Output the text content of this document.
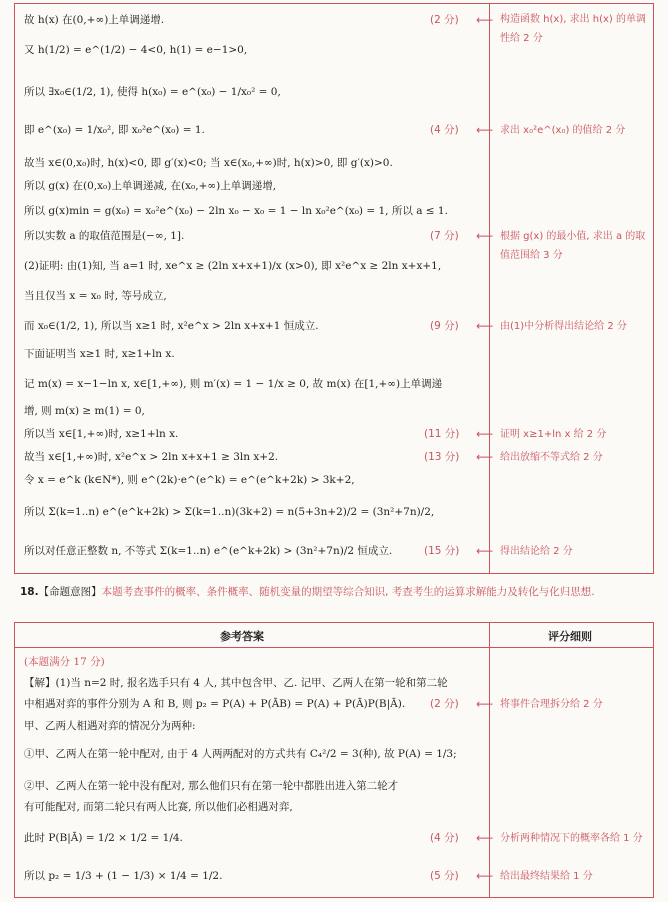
故 h(x) 在(0,+∞)上单调递增.
又 h(1/2) = e^(1/2) − 4<0, h(1) = e−1>0,
所以 ∃x₀∈(1/2, 1), 使得 h(x₀) = e^(x₀) − 1/x₀² = 0,
即 e^(x₀) = 1/x₀², 即 x₀²e^(x₀) = 1.
故当 x∈(0,x₀)时, h(x)<0, 即 g′(x)<0; 当 x∈(x₀,+∞)时, h(x)>0, 即 g′(x)>0.
所以 g(x) 在(0,x₀)上单调递减, 在(x₀,+∞)上单调递增,
所以 g(x)min = g(x₀) = x₀²e^(x₀) − 2ln x₀ − x₀ = 1 − ln x₀²e^(x₀) = 1, 所以 a ≤ 1.
所以实数 a 的取值范围是(−∞, 1].
(2)证明: 由(1)知, 当 a=1 时, xe^x ≥ (2ln x+x+1)/x (x>0), 即 x²e^x ≥ 2ln x+x+1,
当且仅当 x = x₀ 时, 等号成立,
而 x₀∈(1/2, 1), 所以当 x≥1 时, x²e^x > 2ln x+x+1 恒成立.
下面证明当 x≥1 时, x≥1+ln x.
记 m(x) = x−1−ln x, x∈[1,+∞), 则 m′(x) = 1 − 1/x ≥ 0, 故 m(x) 在[1,+∞)上单调递
增, 则 m(x) ≥ m(1) = 0,
所以当 x∈[1,+∞)时, x≥1+ln x.
故当 x∈[1,+∞)时, x²e^x > 2ln x+x+1 ≥ 3ln x+2.
令 x = e^k (k∈N*), 则 e^(2k)·e^(e^k) = e^(e^k+2k) > 3k+2,
所以 Σ(k=1..n) e^(e^k+2k) > Σ(k=1..n)(3k+2) = n(5+3n+2)/2 = (3n²+7n)/2,
所以对任意正整数 n, 不等式 Σ(k=1..n) e^(e^k+2k) > (3n²+7n)/2 恒成立.
(2 分) ⟵
(4 分) ⟵
(7 分) ⟵
(9 分) ⟵
(11 分) ⟵
(13 分) ⟵
(15 分) ⟵
构造函数 h(x), 求出 h(x) 的单调性给 2 分
求出 x₀²e^(x₀) 的值给 2 分
根据 g(x) 的最小值, 求出 a 的取值范围给 3 分
由(1)中分析得出结论给 2 分
证明 x≥1+ln x 给 2 分
给出放缩不等式给 2 分
得出结论给 2 分
18.【命题意图】本题考查事件的概率、条件概率、随机变量的期望等综合知识, 考查考生的运算求解能力及转化与化归思想.
参考答案	评分细则
(本题满分 17 分)
【解】(1)当 n=2 时, 报名选手只有 4 人, 其中包含甲、乙. 记甲、乙两人在第一轮和第二轮
中相遇对弈的事件分别为 A 和 B, 则 p₂ = P(A) + P(ĀB) = P(A) + P(Ā)P(B|Ā).
甲、乙两人相遇对弈的情况分为两种:
①甲、乙两人在第一轮中配对, 由于 4 人两两配对的方式共有 C₄²/2 = 3(种), 故 P(A) = 1/3;
②甲、乙两人在第一轮中没有配对, 那么他们只有在第一轮中都胜出进入第二轮才
有可能配对, 而第二轮只有两人比赛, 所以他们必相遇对弈,
此时 P(B|Ā) = 1/2 × 1/2 = 1/4.
所以 p₂ = 1/3 + (1 − 1/3) × 1/4 = 1/2.
(2 分) ⟵
(4 分) ⟵
(5 分) ⟵
将事件合理拆分给 2 分
分析两种情况下的概率各给 1 分
给出最终结果给 1 分
